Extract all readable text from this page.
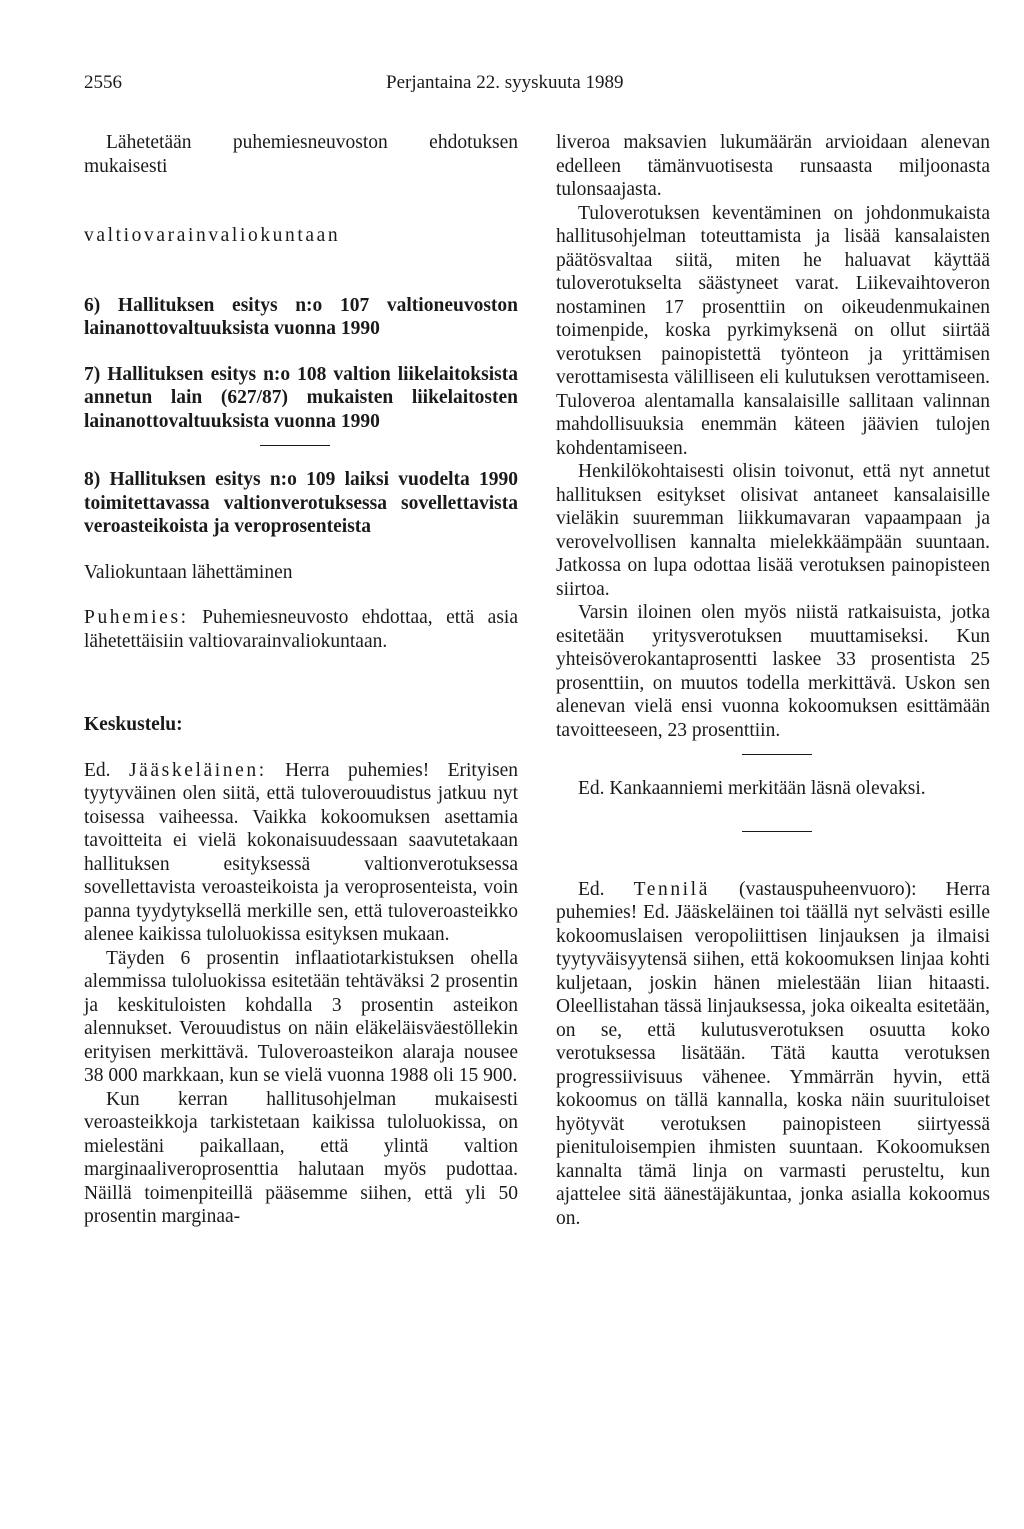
2556	Perjantaina 22. syyskuuta 1989

Lähetetään puhemiesneuvoston ehdotuksen mukaisesti

valtiovarainvaliokuntaan

6) Hallituksen esitys n:o 107 valtioneuvoston lainanottovaltuuksista vuonna 1990

7) Hallituksen esitys n:o 108 valtion liikelaitoksista annetun lain (627/87) mukaisten liikelaitosten lainanottovaltuuksista vuonna 1990

8) Hallituksen esitys n:o 109 laiksi vuodelta 1990 toimitettavassa valtionverotuksessa sovellettavista veroasteikoista ja veroprosenteista

Valiokuntaan lähettäminen

Puhemies: Puhemiesneuvosto ehdottaa, että asia lähetettäisiin valtiovarainvaliokuntaan.

Keskustelu:

Ed. Jääskeläinen: Herra puhemies! Erityisen tyytyväinen olen siitä, että tuloverouudistus jatkuu nyt toisessa vaiheessa. Vaikka kokoomuksen asettamia tavoitteita ei vielä kokonaisuudessaan saavutetakaan hallituksen esityksessä valtionverotuksessa sovellettavista veroasteikoista ja veroprosenteista, voin panna tyydytyksellä merkille sen, että tuloveroasteikko alenee kaikissa tuloluokissa esityksen mukaan.

Täyden 6 prosentin inflaatiotarkistuksen ohella alemmissa tuloluokissa esitetään tehtäväksi 2 prosentin ja keskituloisten kohdalla 3 prosentin asteikon alennukset. Verouudistus on näin eläkeläisväestöllekin erityisen merkittävä. Tuloveroasteikon alaraja nousee 38 000 markkaan, kun se vielä vuonna 1988 oli 15 900.

Kun kerran hallitusohjelman mukaisesti veroasteikkoja tarkistetaan kaikissa tuloluokissa, on mielestäni paikallaan, että ylintä valtion marginaaliveroprosenttia halutaan myös pudottaa. Näillä toimenpiteillä pääsemme siihen, että yli 50 prosentin marginaa-

liveroa maksavien lukumäärän arvioidaan alenevan edelleen tämänvuotisesta runsaasta miljoonasta tulonsaajasta.

Tuloverotuksen keventäminen on johdonmukaista hallitusohjelman toteuttamista ja lisää kansalaisten päätösvaltaa siitä, miten he haluavat käyttää tuloverotukselta säästyneet varat. Liikevaihtoveron nostaminen 17 prosenttiin on oikeudenmukainen toimenpide, koska pyrkimyksenä on ollut siirtää verotuksen painopistettä työnteon ja yrittämisen verottamisesta välilliseen eli kulutuksen verottamiseen. Tuloveroa alentamalla kansalaisille sallitaan valinnan mahdollisuuksia enemmän käteen jäävien tulojen kohdentamiseen.

Henkilökohtaisesti olisin toivonut, että nyt annetut hallituksen esitykset olisivat antaneet kansalaisille vieläkin suuremman liikkumavaran vapaampaan ja verovelvollisen kannalta mielekkäämpään suuntaan. Jatkossa on lupa odottaa lisää verotuksen painopisteen siirtoa.

Varsin iloinen olen myös niistä ratkaisuista, jotka esitetään yritysverotuksen muuttamiseksi. Kun yhteisöverokantaprosentti laskee 33 prosentista 25 prosenttiin, on muutos todella merkittävä. Uskon sen alenevan vielä ensi vuonna kokoomuksen esittämään tavoitteeseen, 23 prosenttiin.

Ed. Kankaanniemi merkitään läsnä olevaksi.

Ed. Tennilä (vastauspuheenvuoro): Herra puhemies! Ed. Jääskeläinen toi täällä nyt selvästi esille kokoomuslaisen veropoliittisen linjauksen ja ilmaisi tyytyväisyytensä siihen, että kokoomuksen linjaa kohti kuljetaan, joskin hänen mielestään liian hitaasti. Oleellistahan tässä linjauksessa, joka oikealta esitetään, on se, että kulutusverotuksen osuutta koko verotuksessa lisätään. Tätä kautta verotuksen progressiivisuus vähenee. Ymmärrän hyvin, että kokoomus on tällä kannalla, koska näin suurituloiset hyötyvät verotuksen painopisteen siirtyessä pienituloisempien ihmisten suuntaan. Kokoomuksen kannalta tämä linja on varmasti perusteltu, kun ajattelee sitä äänestäjäkuntaa, jonka asialla kokoomus on.
